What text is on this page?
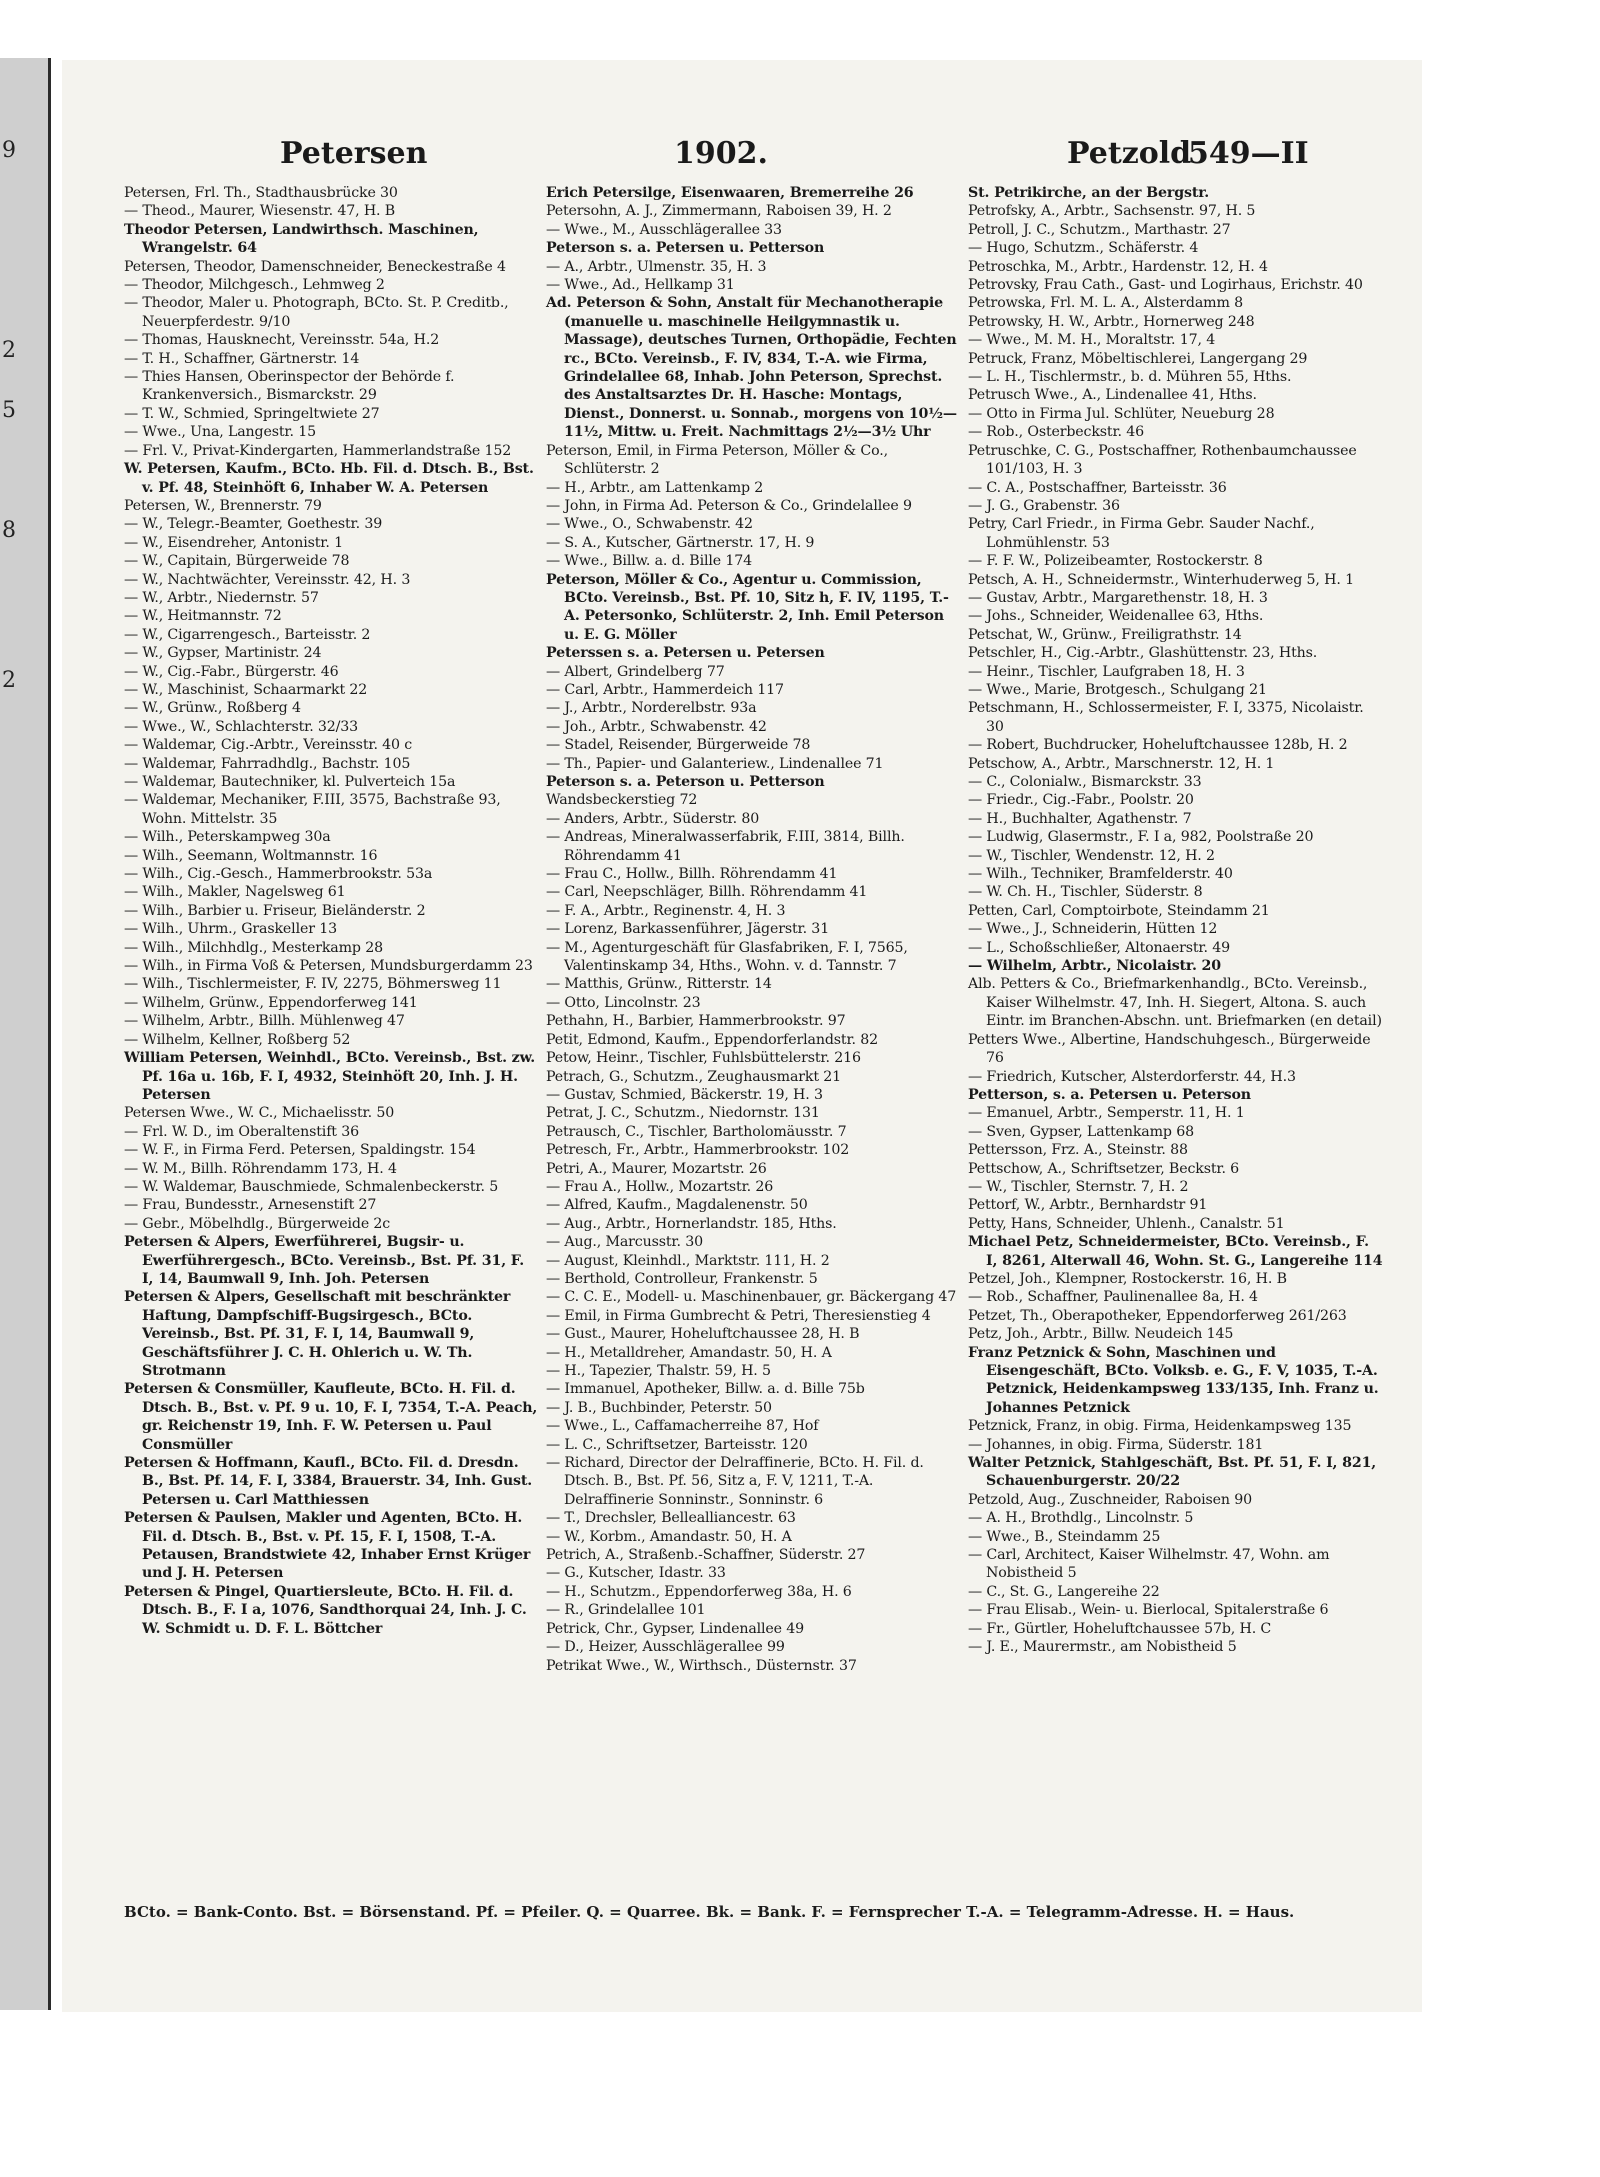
9
2
5
8
2
Petersen	1902.	Petzold
549—II

Petersen, Frl. Th., Stadthausbrücke 30

— Theod., Maurer, Wiesenstr. 47, H. B

Theodor Petersen, Landwirthsch. Maschinen, Wrangelstr. 64

Petersen, Theodor, Damenschneider, Beneckestraße 4

— Theodor, Milchgesch., Lehmweg 2

— Theodor, Maler u. Photograph, BCto. St. P. Creditb., Neuerpferdestr. 9/10

— Thomas, Hausknecht, Vereinsstr. 54a, H.2

— T. H., Schaffner, Gärtnerstr. 14

— Thies Hansen, Oberinspector der Behörde f. Krankenversich., Bismarckstr. 29

— T. W., Schmied, Springeltwiete 27

— Wwe., Una, Langestr. 15

— Frl. V., Privat-Kindergarten, Hammerlandstraße 152

W. Petersen, Kaufm., BCto. Hb. Fil. d. Dtsch. B., Bst. v. Pf. 48, Steinhöft 6, Inhaber W. A. Petersen

Petersen, W., Brennerstr. 79

— W., Telegr.-Beamter, Goethestr. 39

— W., Eisendreher, Antonistr. 1

— W., Capitain, Bürgerweide 78

— W., Nachtwächter, Vereinsstr. 42, H. 3

— W., Arbtr., Niedernstr. 57

— W., Heitmannstr. 72

— W., Cigarrengesch., Barteisstr. 2

— W., Gypser, Martinistr. 24

— W., Cig.-Fabr., Bürgerstr. 46

— W., Maschinist, Schaarmarkt 22

— W., Grünw., Roßberg 4

— Wwe., W., Schlachterstr. 32/33

— Waldemar, Cig.-Arbtr., Vereinsstr. 40 c

— Waldemar, Fahrradhdlg., Bachstr. 105

— Waldemar, Bautechniker, kl. Pulverteich 15a

— Waldemar, Mechaniker, F.III, 3575, Bachstraße 93, Wohn. Mittelstr. 35

— Wilh., Peterskampweg 30a

— Wilh., Seemann, Woltmannstr. 16

— Wilh., Cig.-Gesch., Hammerbrookstr. 53a

— Wilh., Makler, Nagelsweg 61

— Wilh., Barbier u. Friseur, Bieländerstr. 2

— Wilh., Uhrm., Graskeller 13

— Wilh., Milchhdlg., Mesterkamp 28

— Wilh., in Firma Voß & Petersen, Mundsburgerdamm 23

— Wilh., Tischlermeister, F. IV, 2275, Böhmersweg 11

— Wilhelm, Grünw., Eppendorferweg 141

— Wilhelm, Arbtr., Billh. Mühlenweg 47

— Wilhelm, Kellner, Roßberg 52

William Petersen, Weinhdl., BCto. Vereinsb., Bst. zw. Pf. 16a u. 16b, F. I, 4932, Steinhöft 20, Inh. J. H. Petersen

Petersen Wwe., W. C., Michaelisstr. 50

— Frl. W. D., im Oberaltenstift 36

— W. F., in Firma Ferd. Petersen, Spaldingstr. 154

— W. M., Billh. Röhrendamm 173, H. 4

— W. Waldemar, Bauschmiede, Schmalenbeckerstr. 5

— Frau, Bundesstr., Arnesenstift 27

— Gebr., Möbelhdlg., Bürgerweide 2c

Petersen & Alpers, Ewerführerei, Bugsir- u. Ewerführergesch., BCto. Vereinsb., Bst. Pf. 31, F. I, 14, Baumwall 9, Inh. Joh. Petersen

Petersen & Alpers, Gesellschaft mit beschränkter Haftung, Dampfschiff-Bugsirgesch., BCto. Vereinsb., Bst. Pf. 31, F. I, 14, Baumwall 9, Geschäftsführer J. C. H. Ohlerich u. W. Th. Strotmann

Petersen & Consmüller, Kaufleute, BCto. H. Fil. d. Dtsch. B., Bst. v. Pf. 9 u. 10, F. I, 7354, T.-A. Peach, gr. Reichenstr 19, Inh. F. W. Petersen u. Paul Consmüller

Petersen & Hoffmann, Kaufl., BCto. Fil. d. Dresdn. B., Bst. Pf. 14, F. I, 3384, Brauerstr. 34, Inh. Gust. Petersen u. Carl Matthiessen

Petersen & Paulsen, Makler und Agenten, BCto. H. Fil. d. Dtsch. B., Bst. v. Pf. 15, F. I, 1508, T.-A. Petausen, Brandstwiete 42, Inhaber Ernst Krüger und J. H. Petersen

Petersen & Pingel, Quartiersleute, BCto. H. Fil. d. Dtsch. B., F. I a, 1076, Sandthorquai 24, Inh. J. C. W. Schmidt u. D. F. L. Böttcher

Erich Petersilge, Eisenwaaren, Bremerreihe 26

Petersohn, A. J., Zimmermann, Raboisen 39, H. 2

— Wwe., M., Ausschlägerallee 33

Peterson s. a. Petersen u. Petterson

— A., Arbtr., Ulmenstr. 35, H. 3

— Wwe., Ad., Hellkamp 31

Ad. Peterson & Sohn, Anstalt für Mechanotherapie (manuelle u. maschinelle Heilgymnastik u. Massage), deutsches Turnen, Orthopädie, Fechten rc., BCto. Vereinsb., F. IV, 834, T.-A. wie Firma, Grindelallee 68, Inhab. John Peterson, Sprechst. des Anstaltsarztes Dr. H. Hasche: Montags, Dienst., Donnerst. u. Sonnab., morgens von 10½—11½, Mittw. u. Freit. Nachmittags 2½—3½ Uhr

Peterson, Emil, in Firma Peterson, Möller & Co., Schlüterstr. 2

— H., Arbtr., am Lattenkamp 2

— John, in Firma Ad. Peterson & Co., Grindelallee 9

— Wwe., O., Schwabenstr. 42

— S. A., Kutscher, Gärtnerstr. 17, H. 9

— Wwe., Billw. a. d. Bille 174

Peterson, Möller & Co., Agentur u. Commission, BCto. Vereinsb., Bst. Pf. 10, Sitz h, F. IV, 1195, T.-A. Petersonko, Schlüterstr. 2, Inh. Emil Peterson u. E. G. Möller

Peterssen s. a. Petersen u. Petersen

— Albert, Grindelberg 77

— Carl, Arbtr., Hammerdeich 117

— J., Arbtr., Norderelbstr. 93a

— Joh., Arbtr., Schwabenstr. 42

— Stadel, Reisender, Bürgerweide 78

— Th., Papier- und Galanteriew., Lindenallee 71

Peterson s. a. Peterson u. Petterson

Wandsbeckerstieg 72

— Anders, Arbtr., Süderstr. 80

— Andreas, Mineralwasserfabrik, F.III, 3814, Billh. Röhrendamm 41

— Frau C., Hollw., Billh. Röhrendamm 41

— Carl, Neepschläger, Billh. Röhrendamm 41

— F. A., Arbtr., Reginenstr. 4, H. 3

— Lorenz, Barkassenführer, Jägerstr. 31

— M., Agenturgeschäft für Glasfabriken, F. I, 7565, Valentinskamp 34, Hths., Wohn. v. d. Tannstr. 7

— Matthis, Grünw., Ritterstr. 14

— Otto, Lincolnstr. 23

Pethahn, H., Barbier, Hammerbrookstr. 97

Petit, Edmond, Kaufm., Eppendorferlandstr. 82

Petow, Heinr., Tischler, Fuhlsbüttelerstr. 216

Petrach, G., Schutzm., Zeughausmarkt 21

— Gustav, Schmied, Bäckerstr. 19, H. 3

Petrat, J. C., Schutzm., Niedornstr. 131

Petrausch, C., Tischler, Bartholomäusstr. 7

Petresch, Fr., Arbtr., Hammerbrookstr. 102

Petri, A., Maurer, Mozartstr. 26

— Frau A., Hollw., Mozartstr. 26

— Alfred, Kaufm., Magdalenenstr. 50

— Aug., Arbtr., Hornerlandstr. 185, Hths.

— Aug., Marcusstr. 30

— August, Kleinhdl., Marktstr. 111, H. 2

— Berthold, Controlleur, Frankenstr. 5

— C. C. E., Modell- u. Maschinenbauer, gr. Bäckergang 47

— Emil, in Firma Gumbrecht & Petri, Theresienstieg 4

— Gust., Maurer, Hoheluftchaussee 28, H. B

— H., Metalldreher, Amandastr. 50, H. A

— H., Tapezier, Thalstr. 59, H. 5

— Immanuel, Apotheker, Billw. a. d. Bille 75b

— J. B., Buchbinder, Peterstr. 50

— Wwe., L., Caffamacherreihe 87, Hof

— L. C., Schriftsetzer, Barteisstr. 120

— Richard, Director der Delraffinerie, BCto. H. Fil. d. Dtsch. B., Bst. Pf. 56, Sitz a, F. V, 1211, T.-A. Delraffinerie Sonninstr., Sonninstr. 6

— T., Drechsler, Bellealliancestr. 63

— W., Korbm., Amandastr. 50, H. A

Petrich, A., Straßenb.-Schaffner, Süderstr. 27

— G., Kutscher, Idastr. 33

— H., Schutzm., Eppendorferweg 38a, H. 6

— R., Grindelallee 101

Petrick, Chr., Gypser, Lindenallee 49

— D., Heizer, Ausschlägerallee 99

Petrikat Wwe., W., Wirthsch., Düsternstr. 37

St. Petrikirche, an der Bergstr.

Petrofsky, A., Arbtr., Sachsenstr. 97, H. 5

Petroll, J. C., Schutzm., Marthastr. 27

— Hugo, Schutzm., Schäferstr. 4

Petroschka, M., Arbtr., Hardenstr. 12, H. 4

Petrovsky, Frau Cath., Gast- und Logirhaus, Erichstr. 40

Petrowska, Frl. M. L. A., Alsterdamm 8

Petrowsky, H. W., Arbtr., Hornerweg 248

— Wwe., M. M. H., Moraltstr. 17, 4

Petruck, Franz, Möbeltischlerei, Langergang 29

— L. H., Tischlermstr., b. d. Mühren 55, Hths.

Petrusch Wwe., A., Lindenallee 41, Hths.

— Otto in Firma Jul. Schlüter, Neueburg 28

— Rob., Osterbeckstr. 46

Petruschke, C. G., Postschaffner, Rothenbaumchaussee 101/103, H. 3

— C. A., Postschaffner, Barteisstr. 36

— J. G., Grabenstr. 36

Petry, Carl Friedr., in Firma Gebr. Sauder Nachf., Lohmühlenstr. 53

— F. F. W., Polizeibeamter, Rostockerstr. 8

Petsch, A. H., Schneidermstr., Winterhuderweg 5, H. 1

— Gustav, Arbtr., Margarethenstr. 18, H. 3

— Johs., Schneider, Weidenallee 63, Hths.

Petschat, W., Grünw., Freiligrathstr. 14

Petschler, H., Cig.-Arbtr., Glashüttenstr. 23, Hths.

— Heinr., Tischler, Laufgraben 18, H. 3

— Wwe., Marie, Brotgesch., Schulgang 21

Petschmann, H., Schlossermeister, F. I, 3375, Nicolaistr. 30

— Robert, Buchdrucker, Hoheluftchaussee 128b, H. 2

Petschow, A., Arbtr., Marschnerstr. 12, H. 1

— C., Colonialw., Bismarckstr. 33

— Friedr., Cig.-Fabr., Poolstr. 20

— H., Buchhalter, Agathenstr. 7

— Ludwig, Glasermstr., F. I a, 982, Poolstraße 20

— W., Tischler, Wendenstr. 12, H. 2

— Wilh., Techniker, Bramfelderstr. 40

— W. Ch. H., Tischler, Süderstr. 8

Petten, Carl, Comptoirbote, Steindamm 21

— Wwe., J., Schneiderin, Hütten 12

— L., Schoßschließer, Altonaerstr. 49

— Wilhelm, Arbtr., Nicolaistr. 20

Alb. Petters & Co., Briefmarkenhandlg., BCto. Vereinsb., Kaiser Wilhelmstr. 47, Inh. H. Siegert, Altona. S. auch Eintr. im Branchen-Abschn. unt. Briefmarken (en detail)

Petters Wwe., Albertine, Handschuhgesch., Bürgerweide 76

— Friedrich, Kutscher, Alsterdorferstr. 44, H.3

Petterson, s. a. Petersen u. Peterson

— Emanuel, Arbtr., Semperstr. 11, H. 1

— Sven, Gypser, Lattenkamp 68

Pettersson, Frz. A., Steinstr. 88

Pettschow, A., Schriftsetzer, Beckstr. 6

— W., Tischler, Sternstr. 7, H. 2

Pettorf, W., Arbtr., Bernhardstr 91

Petty, Hans, Schneider, Uhlenh., Canalstr. 51

Michael Petz, Schneidermeister, BCto. Vereinsb., F. I, 8261, Alterwall 46, Wohn. St. G., Langereihe 114

Petzel, Joh., Klempner, Rostockerstr. 16, H. B

— Rob., Schaffner, Paulinenallee 8a, H. 4

Petzet, Th., Oberapotheker, Eppendorferweg 261/263

Petz, Joh., Arbtr., Billw. Neudeich 145

Franz Petznick & Sohn, Maschinen und Eisengeschäft, BCto. Volksb. e. G., F. V, 1035, T.-A. Petznick, Heidenkampsweg 133/135, Inh. Franz u. Johannes Petznick

Petznick, Franz, in obig. Firma, Heidenkampsweg 135

— Johannes, in obig. Firma, Süderstr. 181

Walter Petznick, Stahlgeschäft, Bst. Pf. 51, F. I, 821, Schauenburgerstr. 20/22

Petzold, Aug., Zuschneider, Raboisen 90

— A. H., Brothdlg., Lincolnstr. 5

— Wwe., B., Steindamm 25

— Carl, Architect, Kaiser Wilhelmstr. 47, Wohn. am Nobistheid 5

— C., St. G., Langereihe 22

— Frau Elisab., Wein- u. Bierlocal, Spitalerstraße 6

— Fr., Gürtler, Hoheluftchaussee 57b, H. C

— J. E., Maurermstr., am Nobistheid 5

BCto. = Bank-Conto. Bst. = Börsenstand. Pf. = Pfeiler. Q. = Quarree. Bk. = Bank. F. = Fernsprecher T.-A. = Telegramm-Adresse. H. = Haus.
